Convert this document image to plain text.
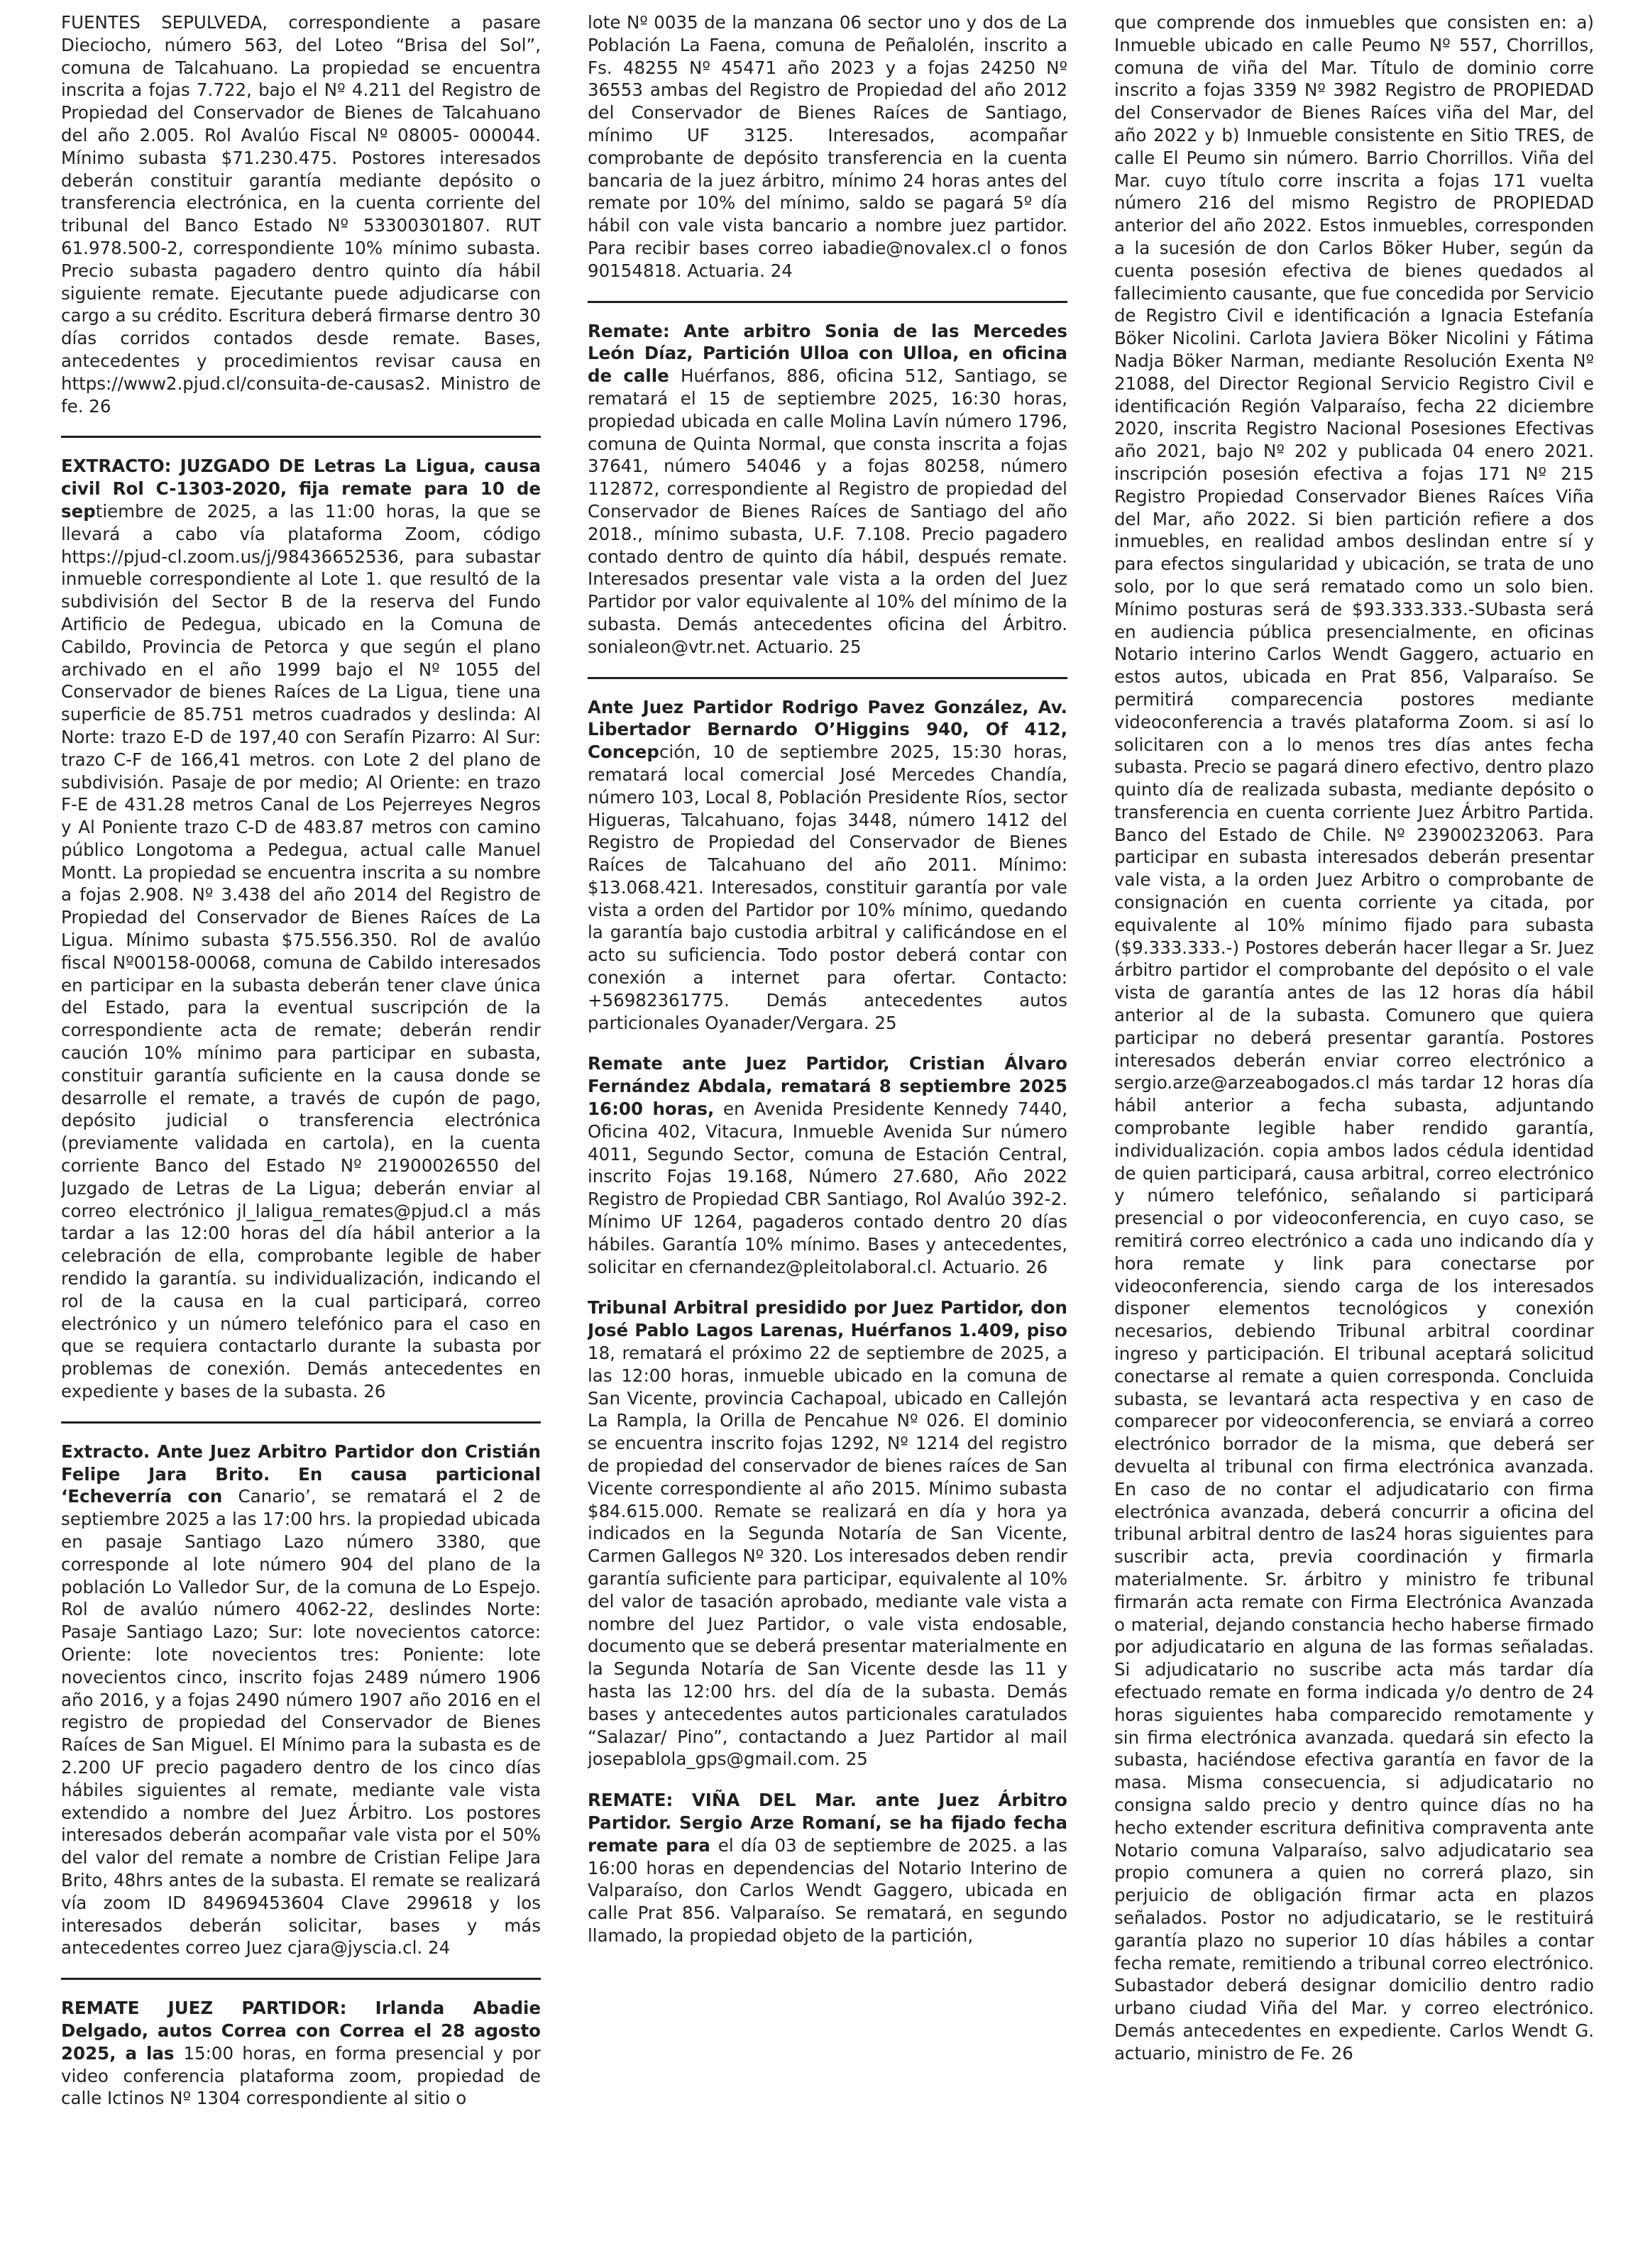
FUENTES SEPULVEDA, correspondiente a pasare Dieciocho, número 563, del Loteo “Brisa del Sol”, comuna de Talcahuano. La propiedad se encuentra inscrita a fojas 7.722, bajo el Nº 4.211 del Registro de Propiedad del Conservador de Bienes de Talcahuano del año 2.005. Rol Avalúo Fiscal Nº 08005- 000044. Mínimo subasta $71.230.475. Postores interesados deberán constituir garantía mediante depósito o transferencia electrónica, en la cuenta corriente del tribunal del Banco Estado Nº 53300301807. RUT 61.978.500-2, correspondiente 10% mínimo subasta. Precio subasta pagadero dentro quinto día hábil siguiente remate. Ejecutante puede adjudicarse con cargo a su crédito. Escritura deberá firmarse dentro 30 días corridos contados desde remate. Bases, antecedentes y procedimientos revisar causa en https://www2.pjud.cl/consuita-de-causas2. Ministro de fe. 26

EXTRACTO: JUZGADO DE Letras La Ligua, causa civil Rol C-1303-2020, fija remate para 10 de septiembre de 2025, a las 11:00 horas, la que se llevará a cabo vía plataforma Zoom, código https://pjud-cl.zoom.us/j/98436652536, para subastar inmueble correspondiente al Lote 1. que resultó de la subdivisión del Sector B de la reserva del Fundo Artificio de Pedegua, ubicado en la Comuna de Cabildo, Provincia de Petorca y que según el plano archivado en el año 1999 bajo el Nº 1055 del Conservador de bienes Raíces de La Ligua, tiene una superficie de 85.751 metros cuadrados y deslinda: Al Norte: trazo E-D de 197,40 con Serafín Pizarro: Al Sur: trazo C-F de 166,41 metros. con Lote 2 del plano de subdivisión. Pasaje de por medio; Al Oriente: en trazo F-E de 431.28 metros Canal de Los Pejerreyes Negros y Al Poniente trazo C-D de 483.87 metros con camino público Longotoma a Pedegua, actual calle Manuel Montt. La propiedad se encuentra inscrita a su nombre a fojas 2.908. Nº 3.438 del año 2014 del Registro de Propiedad del Conservador de Bienes Raíces de La Ligua. Mínimo subasta $75.556.350. Rol de avalúo fiscal Nº00158-00068, comuna de Cabildo interesados en participar en la subasta deberán tener clave única del Estado, para la eventual suscripción de la correspondiente acta de remate; deberán rendir caución 10% mínimo para participar en subasta, constituir garantía suficiente en la causa donde se desarrolle el remate, a través de cupón de pago, depósito judicial o transferencia electrónica (previamente validada en cartola), en la cuenta corriente Banco del Estado Nº 21900026550 del Juzgado de Letras de La Ligua; deberán enviar al correo electrónico jl_laligua_remates@pjud.cl a más tardar a las 12:00 horas del día hábil anterior a la celebración de ella, comprobante legible de haber rendido la garantía. su individualización, indicando el rol de la causa en la cual participará, correo electrónico y un número telefónico para el caso en que se requiera contactarlo durante la subasta por problemas de conexión. Demás antecedentes en expediente y bases de la subasta. 26

Extracto. Ante Juez Arbitro Partidor don Cristián Felipe Jara Brito. En causa particional ‘Echeverría con Canario’, se rematará el 2 de septiembre 2025 a las 17:00 hrs. la propiedad ubicada en pasaje Santiago Lazo número 3380, que corresponde al lote número 904 del plano de la población Lo Valledor Sur, de la comuna de Lo Espejo. Rol de avalúo número 4062-22, deslindes Norte: Pasaje Santiago Lazo; Sur: lote novecientos catorce: Oriente: lote novecientos tres: Poniente: lote novecientos cinco, inscrito fojas 2489 número 1906 año 2016, y a fojas 2490 número 1907 año 2016 en el registro de propiedad del Conservador de Bienes Raíces de San Miguel. El Mínimo para la subasta es de 2.200 UF precio pagadero dentro de los cinco días hábiles siguientes al remate, mediante vale vista extendido a nombre del Juez Árbitro. Los postores interesados deberán acompañar vale vista por el 50% del valor del remate a nombre de Cristian Felipe Jara Brito, 48hrs antes de la subasta. El remate se realizará vía zoom ID 84969453604 Clave 299618 y los interesados deberán solicitar, bases y más antecedentes correo Juez cjara@jyscia.cl. 24

REMATE JUEZ PARTIDOR: Irlanda Abadie Delgado, autos Correa con Correa el 28 agosto 2025, a las 15:00 horas, en forma presencial y por video conferencia plataforma zoom, propiedad de calle Ictinos Nº 1304 correspondiente al sitio o

lote Nº 0035 de la manzana 06 sector uno y dos de La Población La Faena, comuna de Peñalolén, inscrito a Fs. 48255 Nº 45471 año 2023 y a fojas 24250 Nº 36553 ambas del Registro de Propiedad del año 2012 del Conservador de Bienes Raíces de Santiago, mínimo UF 3125. Interesados, acompañar comprobante de depósito transferencia en la cuenta bancaria de la juez árbitro, mínimo 24 horas antes del remate por 10% del mínimo, saldo se pagará 5º día hábil con vale vista bancario a nombre juez partidor. Para recibir bases correo iabadie@novalex.cl o fonos 90154818. Actuaria. 24

Remate: Ante arbitro Sonia de las Mercedes León Díaz, Partición Ulloa con Ulloa, en oficina de calle Huérfanos, 886, oficina 512, Santiago, se rematará el 15 de septiembre 2025, 16:30 horas, propiedad ubicada en calle Molina Lavín número 1796, comuna de Quinta Normal, que consta inscrita a fojas 37641, número 54046 y a fojas 80258, número 112872, correspondiente al Registro de propiedad del Conservador de Bienes Raíces de Santiago del año 2018., mínimo subasta, U.F. 7.108. Precio pagadero contado dentro de quinto día hábil, después remate. Interesados presentar vale vista a la orden del Juez Partidor por valor equivalente al 10% del mínimo de la subasta. Demás antecedentes oficina del Árbitro. sonialeon@vtr.net. Actuario. 25

Ante Juez Partidor Rodrigo Pavez González, Av. Libertador Bernardo O’Higgins 940, Of 412, Concepción, 10 de septiembre 2025, 15:30 horas, rematará local comercial José Mercedes Chandía, número 103, Local 8, Población Presidente Ríos, sector Higueras, Talcahuano, fojas 3448, número 1412 del Registro de Propiedad del Conservador de Bienes Raíces de Talcahuano del año 2011. Mínimo: $13.068.421. Interesados, constituir garantía por vale vista a orden del Partidor por 10% mínimo, quedando la garantía bajo custodia arbitral y calificándose en el acto su suficiencia. Todo postor deberá contar con conexión a internet para ofertar. Contacto: +56982361775. Demás antecedentes autos particionales Oyanader/Vergara. 25

Remate ante Juez Partidor, Cristian Álvaro Fernández Abdala, rematará 8 septiembre 2025 16:00 horas, en Avenida Presidente Kennedy 7440, Oficina 402, Vitacura, Inmueble Avenida Sur número 4011, Segundo Sector, comuna de Estación Central, inscrito Fojas 19.168, Número 27.680, Año 2022 Registro de Propiedad CBR Santiago, Rol Avalúo 392-2. Mínimo UF 1264, pagaderos contado dentro 20 días hábiles. Garantía 10% mínimo. Bases y antecedentes, solicitar en cfernandez@pleitolaboral.cl. Actuario. 26

Tribunal Arbitral presidido por Juez Partidor, don José Pablo Lagos Larenas, Huérfanos 1.409, piso 18, rematará el próximo 22 de septiembre de 2025, a las 12:00 horas, inmueble ubicado en la comuna de San Vicente, provincia Cachapoal, ubicado en Callejón La Rampla, la Orilla de Pencahue Nº 026. El dominio se encuentra inscrito fojas 1292, Nº 1214 del registro de propiedad del conservador de bienes raíces de San Vicente correspondiente al año 2015. Mínimo subasta $84.615.000. Remate se realizará en día y hora ya indicados en la Segunda Notaría de San Vicente, Carmen Gallegos Nº 320. Los interesados deben rendir garantía suficiente para participar, equivalente al 10% del valor de tasación aprobado, mediante vale vista a nombre del Juez Partidor, o vale vista endosable, documento que se deberá presentar materialmente en la Segunda Notaría de San Vicente desde las 11 y hasta las 12:00 hrs. del día de la subasta. Demás bases y antecedentes autos particionales caratulados “Salazar/ Pino”, contactando a Juez Partidor al mail josepablola_gps@gmail.com. 25

REMATE: VIÑA DEL Mar. ante Juez Árbitro Partidor. Sergio Arze Romaní, se ha fijado fecha remate para el día 03 de septiembre de 2025. a las 16:00 horas en dependencias del Notario Interino de Valparaíso, don Carlos Wendt Gaggero, ubicada en calle Prat 856. Valparaíso. Se rematará, en segundo llamado, la propiedad objeto de la partición,

que comprende dos inmuebles que consisten en: a) Inmueble ubicado en calle Peumo Nº 557, Chorrillos, comuna de viña del Mar. Título de dominio corre inscrito a fojas 3359 Nº 3982 Registro de PROPIEDAD del Conservador de Bienes Raíces viña del Mar, del año 2022 y b) Inmueble consistente en Sitio TRES, de calle El Peumo sin número. Barrio Chorrillos. Viña del Mar. cuyo título corre inscrita a fojas 171 vuelta número 216 del mismo Registro de PROPIEDAD anterior del año 2022. Estos inmuebles, corresponden a la sucesión de don Carlos Böker Huber, según da cuenta posesión efectiva de bienes quedados al fallecimiento causante, que fue concedida por Servicio de Registro Civil e identificación a Ignacia Estefanía Böker Nicolini. Carlota Javiera Böker Nicolini y Fátima Nadja Böker Narman, mediante Resolución Exenta Nº 21088, del Director Regional Servicio Registro Civil e identificación Región Valparaíso, fecha 22 diciembre 2020, inscrita Registro Nacional Posesiones Efectivas año 2021, bajo Nº 202 y publicada 04 enero 2021. inscripción posesión efectiva a fojas 171 Nº 215 Registro Propiedad Conservador Bienes Raíces Viña del Mar, año 2022. Si bien partición refiere a dos inmuebles, en realidad ambos deslindan entre sí y para efectos singularidad y ubicación, se trata de uno solo, por lo que será rematado como un solo bien. Mínimo posturas será de $93.333.333.-SUbasta será en audiencia pública presencialmente, en oficinas Notario interino Carlos Wendt Gaggero, actuario en estos autos, ubicada en Prat 856, Valparaíso. Se permitirá comparecencia postores mediante videoconferencia a través plataforma Zoom. si así lo solicitaren con a lo menos tres días antes fecha subasta. Precio se pagará dinero efectivo, dentro plazo quinto día de realizada subasta, mediante depósito o transferencia en cuenta corriente Juez Árbitro Partida. Banco del Estado de Chile. Nº 23900232063. Para participar en subasta interesados deberán presentar vale vista, a la orden Juez Arbitro o comprobante de consignación en cuenta corriente ya citada, por equivalente al 10% mínimo fijado para subasta ($9.333.333.-) Postores deberán hacer llegar a Sr. Juez árbitro partidor el comprobante del depósito o el vale vista de garantía antes de las 12 horas día hábil anterior al de la subasta. Comunero que quiera participar no deberá presentar garantía. Postores interesados deberán enviar correo electrónico a sergio.arze@arzeabogados.cl más tardar 12 horas día hábil anterior a fecha subasta, adjuntando comprobante legible haber rendido garantía, individualización. copia ambos lados cédula identidad de quien participará, causa arbitral, correo electrónico y número telefónico, señalando si participará presencial o por videoconferencia, en cuyo caso, se remitirá correo electrónico a cada uno indicando día y hora remate y link para conectarse por videoconferencia, siendo carga de los interesados disponer elementos tecnológicos y conexión necesarios, debiendo Tribunal arbitral coordinar ingreso y participación. El tribunal aceptará solicitud conectarse al remate a quien corresponda. Concluida subasta, se levantará acta respectiva y en caso de comparecer por videoconferencia, se enviará a correo electrónico borrador de la misma, que deberá ser devuelta al tribunal con firma electrónica avanzada. En caso de no contar el adjudicatario con firma electrónica avanzada, deberá concurrir a oficina del tribunal arbitral dentro de Ias24 horas siguientes para suscribir acta, previa coordinación y firmarla materialmente. Sr. árbitro y ministro fe tribunal firmarán acta remate con Firma Electrónica Avanzada o material, dejando constancia hecho haberse firmado por adjudicatario en alguna de las formas señaladas. Si adjudicatario no suscribe acta más tardar día efectuado remate en forma indicada y/o dentro de 24 horas siguientes haba comparecido remotamente y sin firma electrónica avanzada. quedará sin efecto la subasta, haciéndose efectiva garantía en favor de la masa. Misma consecuencia, si adjudicatario no consigna saldo precio y dentro quince días no ha hecho extender escritura definitiva compraventa ante Notario comuna Valparaíso, salvo adjudicatario sea propio comunera a quien no correrá plazo, sin perjuicio de obligación firmar acta en plazos señalados. Postor no adjudicatario, se le restituirá garantía plazo no superior 10 días hábiles a contar fecha remate, remitiendo a tribunal correo electrónico. Subastador deberá designar domicilio dentro radio urbano ciudad Viña del Mar. y correo electrónico. Demás antecedentes en expediente. Carlos Wendt G. actuario, ministro de Fe. 26
